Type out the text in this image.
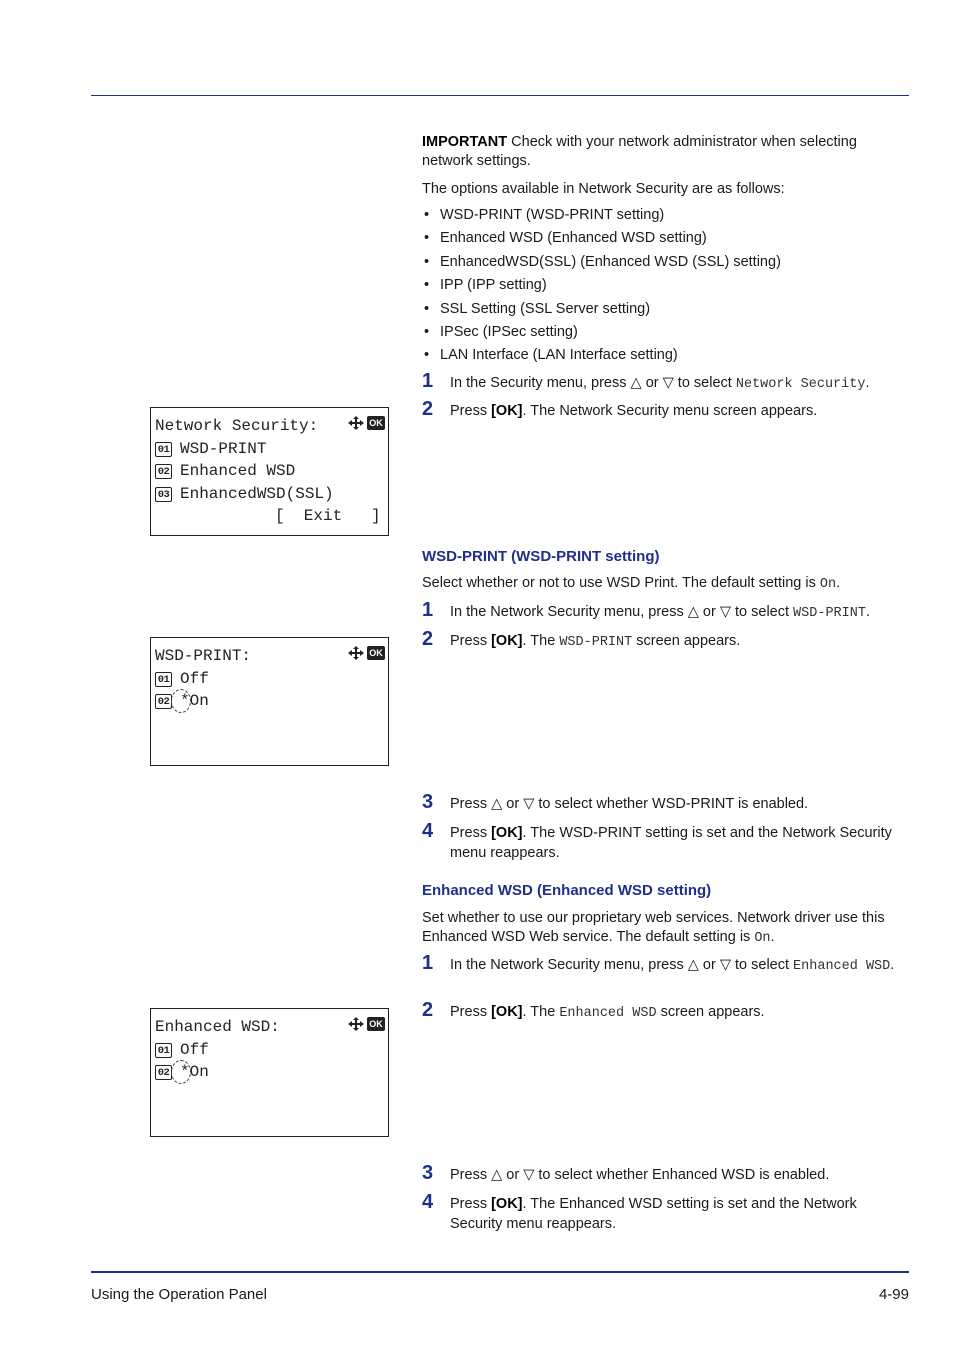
IMPORTANT Check with your network administrator when selecting network settings.
The options available in Network Security are as follows:
• WSD-PRINT (WSD-PRINT setting)
• Enhanced WSD (Enhanced WSD setting)
• EnhancedWSD(SSL) (Enhanced WSD (SSL) setting)
• IPP (IPP setting)
• SSL Setting (SSL Server setting)
• IPSec (IPSec setting)
• LAN Interface (LAN Interface setting)
1 In the Security menu, press △ or ▽ to select Network Security.
2 Press [OK]. The Network Security menu screen appears.
Network Security:	OK
01 WSD-PRINT
02 Enhanced WSD
03 EnhancedWSD(SSL)
[  Exit   ]
WSD-PRINT (WSD-PRINT setting)
Select whether or not to use WSD Print. The default setting is On.
1 In the Network Security menu, press △ or ▽ to select WSD-PRINT.
2 Press [OK]. The WSD-PRINT screen appears.
WSD-PRINT:	OK
01 Off
02 *On
3 Press △ or ▽ to select whether WSD-PRINT is enabled.
4 Press [OK]. The WSD-PRINT setting is set and the Network Security menu reappears.
Enhanced WSD (Enhanced WSD setting)
Set whether to use our proprietary web services. Network driver use this Enhanced WSD Web service. The default setting is On.
1 In the Network Security menu, press △ or ▽ to select Enhanced WSD.
2 Press [OK]. The Enhanced WSD screen appears.
Enhanced WSD:	OK
01 Off
02 *On
3 Press △ or ▽ to select whether Enhanced WSD is enabled.
4 Press [OK]. The Enhanced WSD setting is set and the Network Security menu reappears.
Using the Operation Panel	4-99
